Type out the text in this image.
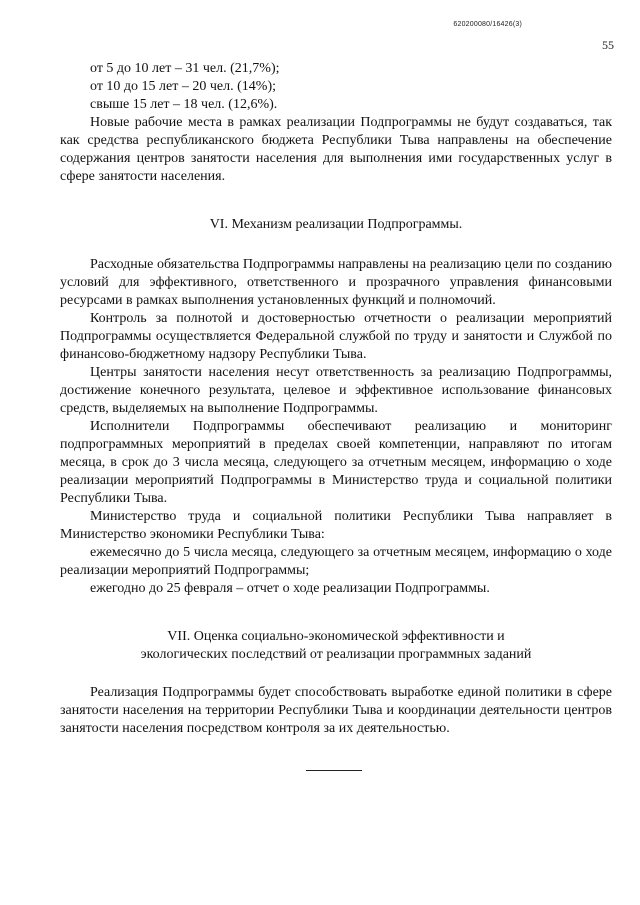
620200080/16426(3)
55

от 5 до 10 лет – 31 чел. (21,7%);

от 10 до 15 лет – 20 чел. (14%);

свыше 15 лет – 18 чел. (12,6%).

Новые рабочие места в рамках реализации Подпрограммы не будут создаваться, так как средства республиканского бюджета Республики Тыва направлены на обеспечение содержания центров занятости населения для выполнения ими государственных услуг в сфере занятости населения.

VI. Механизм реализации Подпрограммы.

Расходные обязательства Подпрограммы направлены на реализацию цели по созданию условий для эффективного, ответственного и прозрачного управления финансовыми ресурсами в рамках выполнения установленных функций и полномочий.

Контроль за полнотой и достоверностью отчетности о реализации мероприятий Подпрограммы осуществляется Федеральной службой по труду и занятости и Службой по финансово-бюджетному надзору Республики Тыва.

Центры занятости населения несут ответственность за реализацию Подпрограммы, достижение конечного результата, целевое и эффективное использование финансовых средств, выделяемых на выполнение Подпрограммы.

Исполнители Подпрограммы обеспечивают реализацию и мониторинг подпрограммных мероприятий в пределах своей компетенции, направляют по итогам месяца, в срок до 3 числа месяца, следующего за отчетным месяцем, информацию о ходе реализации мероприятий Подпрограммы в Министерство труда и социальной политики Республики Тыва.

Министерство труда и социальной политики Республики Тыва направляет в Министерство экономики Республики Тыва:

ежемесячно до 5 числа месяца, следующего за отчетным месяцем, информацию о ходе реализации мероприятий Подпрограммы;

ежегодно до 25 февраля – отчет о ходе реализации Подпрограммы.

VII. Оценка социально-экономической эффективности и

экологических последствий от реализации программных заданий

Реализация Подпрограммы будет способствовать выработке единой политики в сфере занятости населения на территории Республики Тыва и координации деятельности центров занятости населения посредством контроля за их деятельностью.
